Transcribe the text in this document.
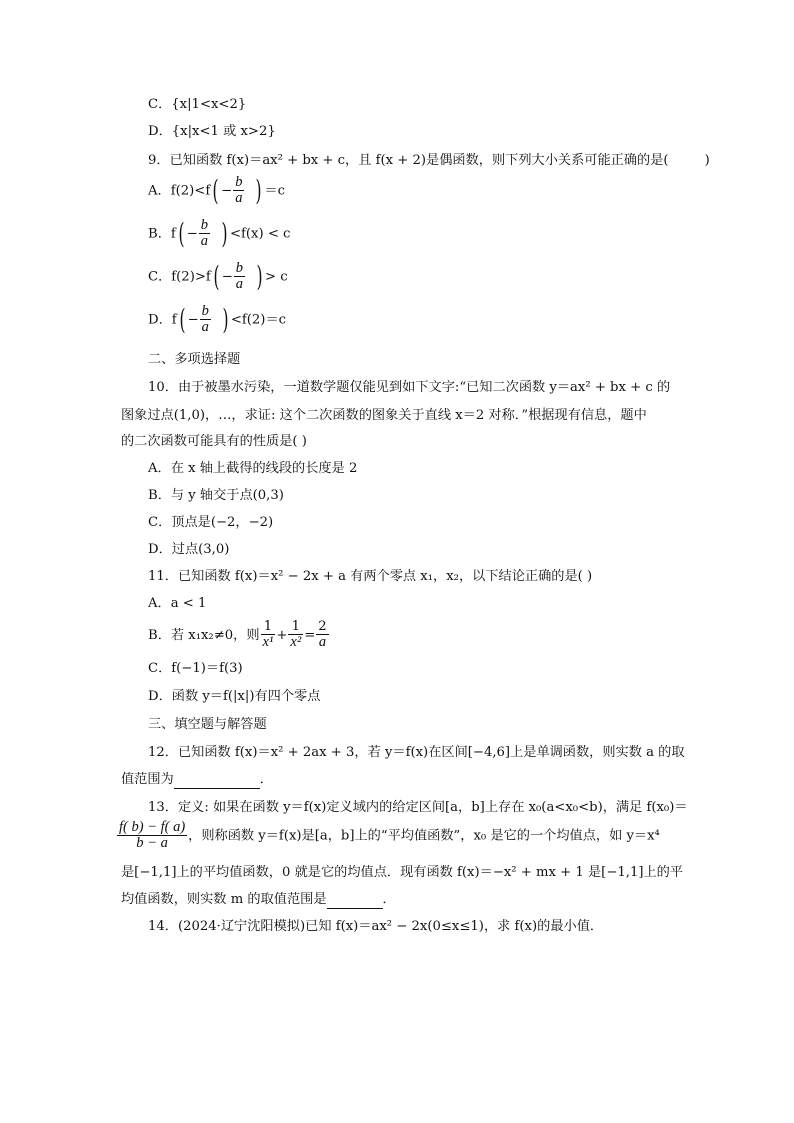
C．{x|1<x<2}
D．{x|x<1 或 x>2}
9．已知函数 f(x)＝ax² + bx + c，且 f(x + 2)是偶函数，则下列大小关系可能正确的是(	)
A．$f(2)<f( - \frac{b}{a}$ ) ＝c
B．$f( - \frac{b}{a}$ ) <f(x) < c
C．$f(2)>f( - \frac{b}{a}$ ) > c
D．$f( - \frac{b}{a}$ ) <f(2)＝c
二、多项选择题
10．由于被墨水污染，一道数学题仅能见到如下文字:“已知二次函数 y＝ax² + bx + c 的
图象过点(1,0)，…，求证: 这个二次函数的图象关于直线 x＝2 对称．”根据现有信息，题中
的二次函数可能具有的性质是( )
A．在 x 轴上截得的线段的长度是 2
B．与 y 轴交于点(0,3)
C．顶点是(−2，−2)
D．过点(3,0)
11．已知函数 f(x)＝x² − 2x + a 有两个零点 x₁，x₂，以下结论正确的是( )
A．a < 1
B．若 x₁x₂≠0，则 $\frac{1}{\text{x¹}} + \frac{1}{\text{x²}} = \frac{2}{a}$
C．f(−1)＝f(3)
D．函数 y＝f(|x|)有四个零点
三、填空题与解答题
12．已知函数 f(x)＝x² + 2ax + 3，若 y＝f(x)在区间[−4,6]上是单调函数，则实数 a 的取
值范围为	．
13．定义: 如果在函数 y＝f(x)定义域内的给定区间[a，b]上存在 x₀(a<x₀<b)，满足 f(x₀)＝
$\frac{f( b) - f( a)}{b - a}$ ，则称函数 y＝f(x)是[a，b]上的“平均值函数”，x₀ 是它的一个均值点，如 y＝x⁴
是[−1,1]上的平均值函数，0 就是它的均值点．现有函数 f(x)＝−x² + mx + 1 是[−1,1]上的平
均值函数，则实数 m 的取值范围是	．
14．(2024·辽宁沈阳模拟)已知 f(x)＝ax² − 2x(0≤x≤1)，求 f(x)的最小值．
